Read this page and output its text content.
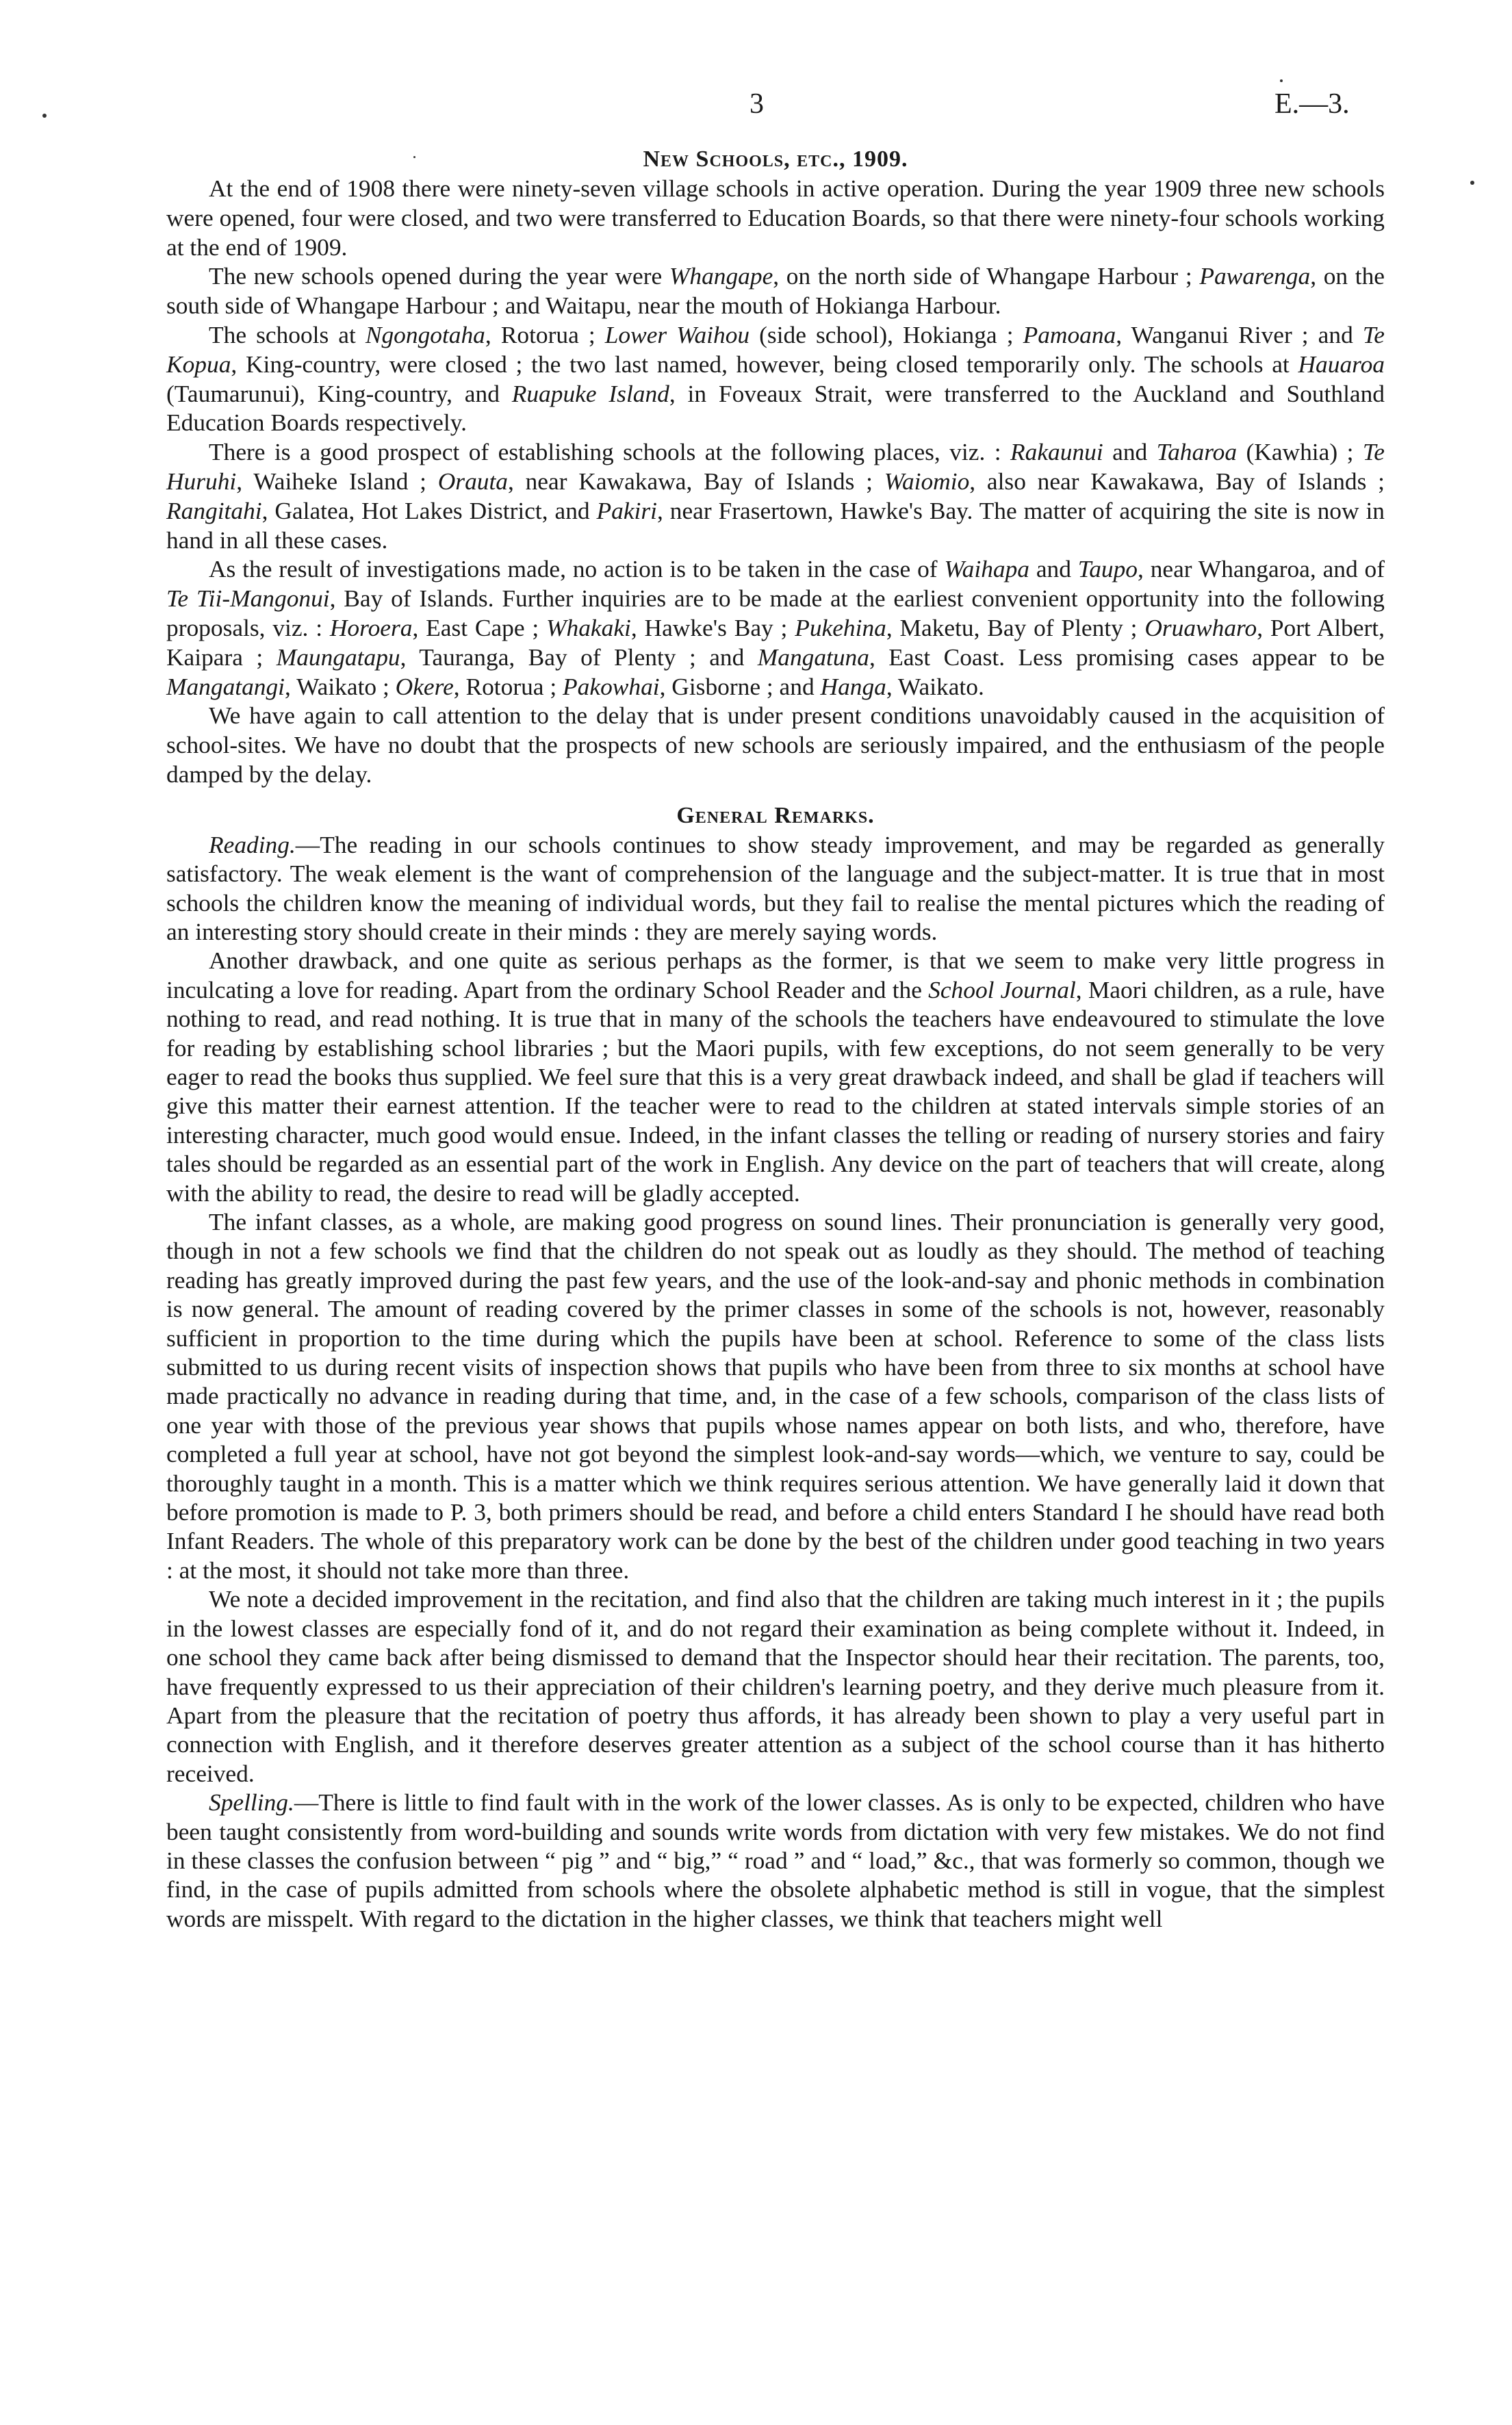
3	E.—3.
New Schools, etc., 1909.

At the end of 1908 there were ninety-seven village schools in active operation. During the year 1909 three new schools were opened, four were closed, and two were transferred to Education Boards, so that there were ninety-four schools working at the end of 1909.

The new schools opened during the year were Whangape, on the north side of Whangape Harbour ; Pawarenga, on the south side of Whangape Harbour ; and Waitapu, near the mouth of Hokianga Harbour.

The schools at Ngongotaha, Rotorua ; Lower Waihou (side school), Hokianga ; Pamoana, Wanganui River ; and Te Kopua, King-country, were closed ; the two last named, however, being closed temporarily only. The schools at Hauaroa (Taumarunui), King-country, and Ruapuke Island, in Foveaux Strait, were transferred to the Auckland and Southland Education Boards respectively.

There is a good prospect of establishing schools at the following places, viz. : Rakaunui and Taharoa (Kawhia) ; Te Huruhi, Waiheke Island ; Orauta, near Kawakawa, Bay of Islands ; Waiomio, also near Kawakawa, Bay of Islands ; Rangitahi, Galatea, Hot Lakes District, and Pakiri, near Frasertown, Hawke's Bay. The matter of acquiring the site is now in hand in all these cases.

As the result of investigations made, no action is to be taken in the case of Waihapa and Taupo, near Whangaroa, and of Te Tii-Mangonui, Bay of Islands. Further inquiries are to be made at the earliest convenient opportunity into the following proposals, viz. : Horoera, East Cape ; Whakaki, Hawke's Bay ; Pukehina, Maketu, Bay of Plenty ; Oruawharo, Port Albert, Kaipara ; Maungatapu, Tauranga, Bay of Plenty ; and Mangatuna, East Coast. Less promising cases appear to be Mangatangi, Waikato ; Okere, Rotorua ; Pakowhai, Gisborne ; and Hanga, Waikato.

We have again to call attention to the delay that is under present conditions unavoidably caused in the acquisition of school-sites. We have no doubt that the prospects of new schools are seriously impaired, and the enthusiasm of the people damped by the delay.

General Remarks.

Reading.—The reading in our schools continues to show steady improvement, and may be regarded as generally satisfactory. The weak element is the want of comprehension of the language and the subject-matter. It is true that in most schools the children know the meaning of individual words, but they fail to realise the mental pictures which the reading of an interesting story should create in their minds : they are merely saying words.

Another drawback, and one quite as serious perhaps as the former, is that we seem to make very little progress in inculcating a love for reading. Apart from the ordinary School Reader and the School Journal, Maori children, as a rule, have nothing to read, and read nothing. It is true that in many of the schools the teachers have endeavoured to stimulate the love for reading by establishing school libraries ; but the Maori pupils, with few exceptions, do not seem generally to be very eager to read the books thus supplied. We feel sure that this is a very great drawback indeed, and shall be glad if teachers will give this matter their earnest attention. If the teacher were to read to the children at stated intervals simple stories of an interesting character, much good would ensue. Indeed, in the infant classes the telling or reading of nursery stories and fairy tales should be regarded as an essential part of the work in English. Any device on the part of teachers that will create, along with the ability to read, the desire to read will be gladly accepted.

The infant classes, as a whole, are making good progress on sound lines. Their pronunciation is generally very good, though in not a few schools we find that the children do not speak out as loudly as they should. The method of teaching reading has greatly improved during the past few years, and the use of the look-and-say and phonic methods in combination is now general. The amount of reading covered by the primer classes in some of the schools is not, however, reasonably sufficient in proportion to the time during which the pupils have been at school. Reference to some of the class lists submitted to us during recent visits of inspection shows that pupils who have been from three to six months at school have made practically no advance in reading during that time, and, in the case of a few schools, comparison of the class lists of one year with those of the previous year shows that pupils whose names appear on both lists, and who, therefore, have completed a full year at school, have not got beyond the simplest look-and-say words—which, we venture to say, could be thoroughly taught in a month. This is a matter which we think requires serious attention. We have generally laid it down that before promotion is made to P. 3, both primers should be read, and before a child enters Standard I he should have read both Infant Readers. The whole of this preparatory work can be done by the best of the children under good teaching in two years : at the most, it should not take more than three.

We note a decided improvement in the recitation, and find also that the children are taking much interest in it ; the pupils in the lowest classes are especially fond of it, and do not regard their examination as being complete without it. Indeed, in one school they came back after being dismissed to demand that the Inspector should hear their recitation. The parents, too, have frequently expressed to us their appreciation of their children's learning poetry, and they derive much pleasure from it. Apart from the pleasure that the recitation of poetry thus affords, it has already been shown to play a very useful part in connection with English, and it therefore deserves greater attention as a subject of the school course than it has hitherto received.

Spelling.—There is little to find fault with in the work of the lower classes. As is only to be expected, children who have been taught consistently from word-building and sounds write words from dictation with very few mistakes. We do not find in these classes the confusion between “ pig ” and “ big,” “ road ” and “ load,” &c., that was formerly so common, though we find, in the case of pupils admitted from schools where the obsolete alphabetic method is still in vogue, that the simplest words are misspelt. With regard to the dictation in the higher classes, we think that teachers might well
